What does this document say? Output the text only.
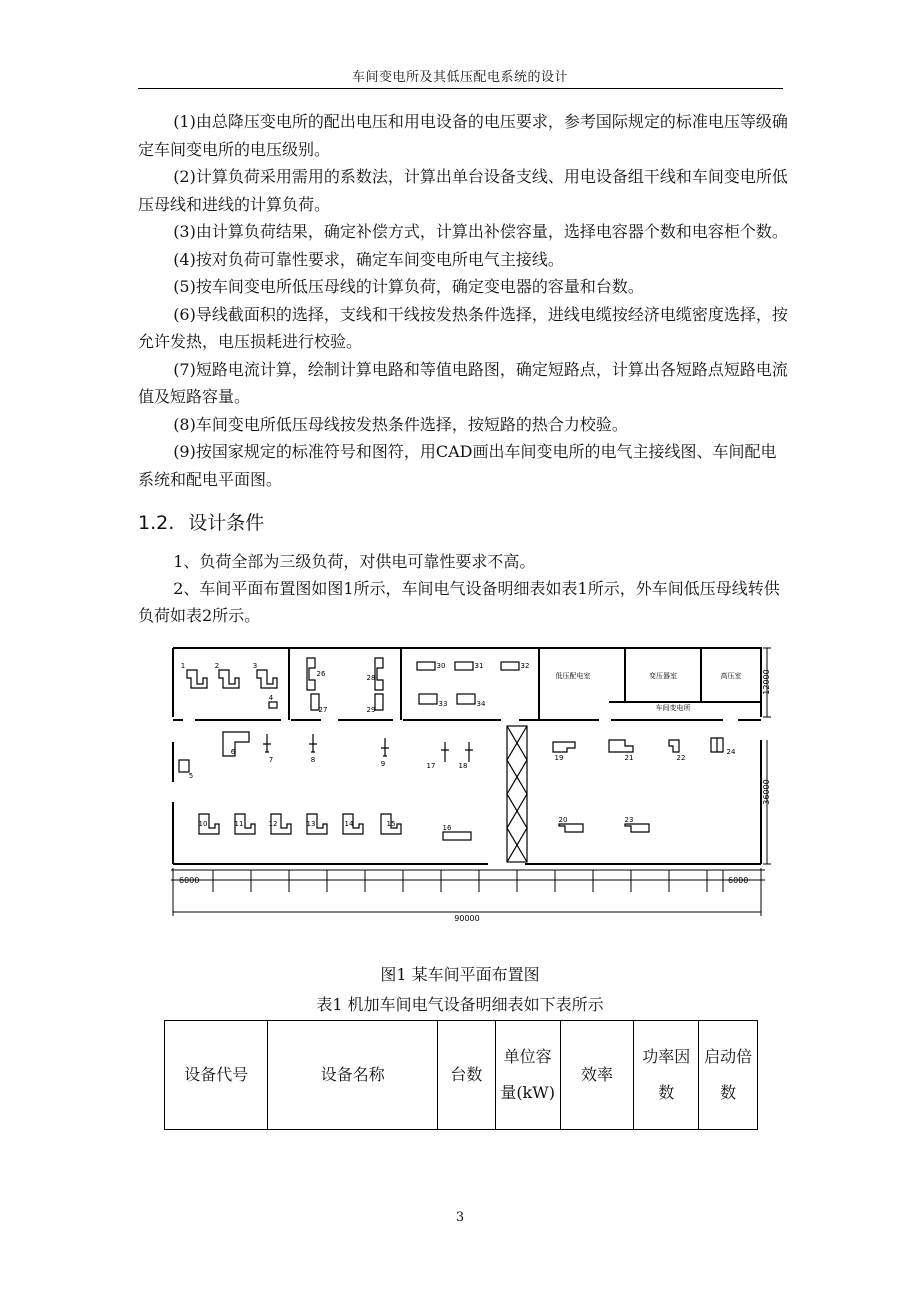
车间变电所及其低压配电系统的设计

(1)由总降压变电所的配出电压和用电设备的电压要求，参考国际规定的标准电压等级确定车间变电所的电压级别。

(2)计算负荷采用需用的系数法，计算出单台设备支线、用电设备组干线和车间变电所低压母线和进线的计算负荷。

(3)由计算负荷结果，确定补偿方式，计算出补偿容量，选择电容器个数和电容柜个数。

(4)按对负荷可靠性要求，确定车间变电所电气主接线。

(5)按车间变电所低压母线的计算负荷，确定变电器的容量和台数。

(6)导线截面积的选择，支线和干线按发热条件选择，进线电缆按经济电缆密度选择，按允许发热，电压损耗进行校验。

(7)短路电流计算，绘制计算电路和等值电路图，确定短路点，计算出各短路点短路电流值及短路容量。

(8)车间变电所低压母线按发热条件选择，按短路的热合力校验。

(9)按国家规定的标准符号和图符，用CAD画出车间变电所的电气主接线图、车间配电系统和配电平面图。

1.2. 设计条件

1、负荷全部为三级负荷，对供电可靠性要求不高。

2、车间平面布置图如图1所示，车间电气设备明细表如表1所示，外车间低压母线转供负荷如表2所示。

低压配电室	变压器室	高压室
车间变电所
12000
36000
6000	6000
90000
1	2	3
4
5
6
7	8	9
10	11	12	13	14	15	16
17	18
19
20
21	22
23
24
26
27
28
29
30	31	32
33	34
图1 某车间平面布置图
表1 机加车间电气设备明细表如下表所示
设备代号	设备名称	台数	单位容量(kW)	效率	功率因数	启动倍数
3
